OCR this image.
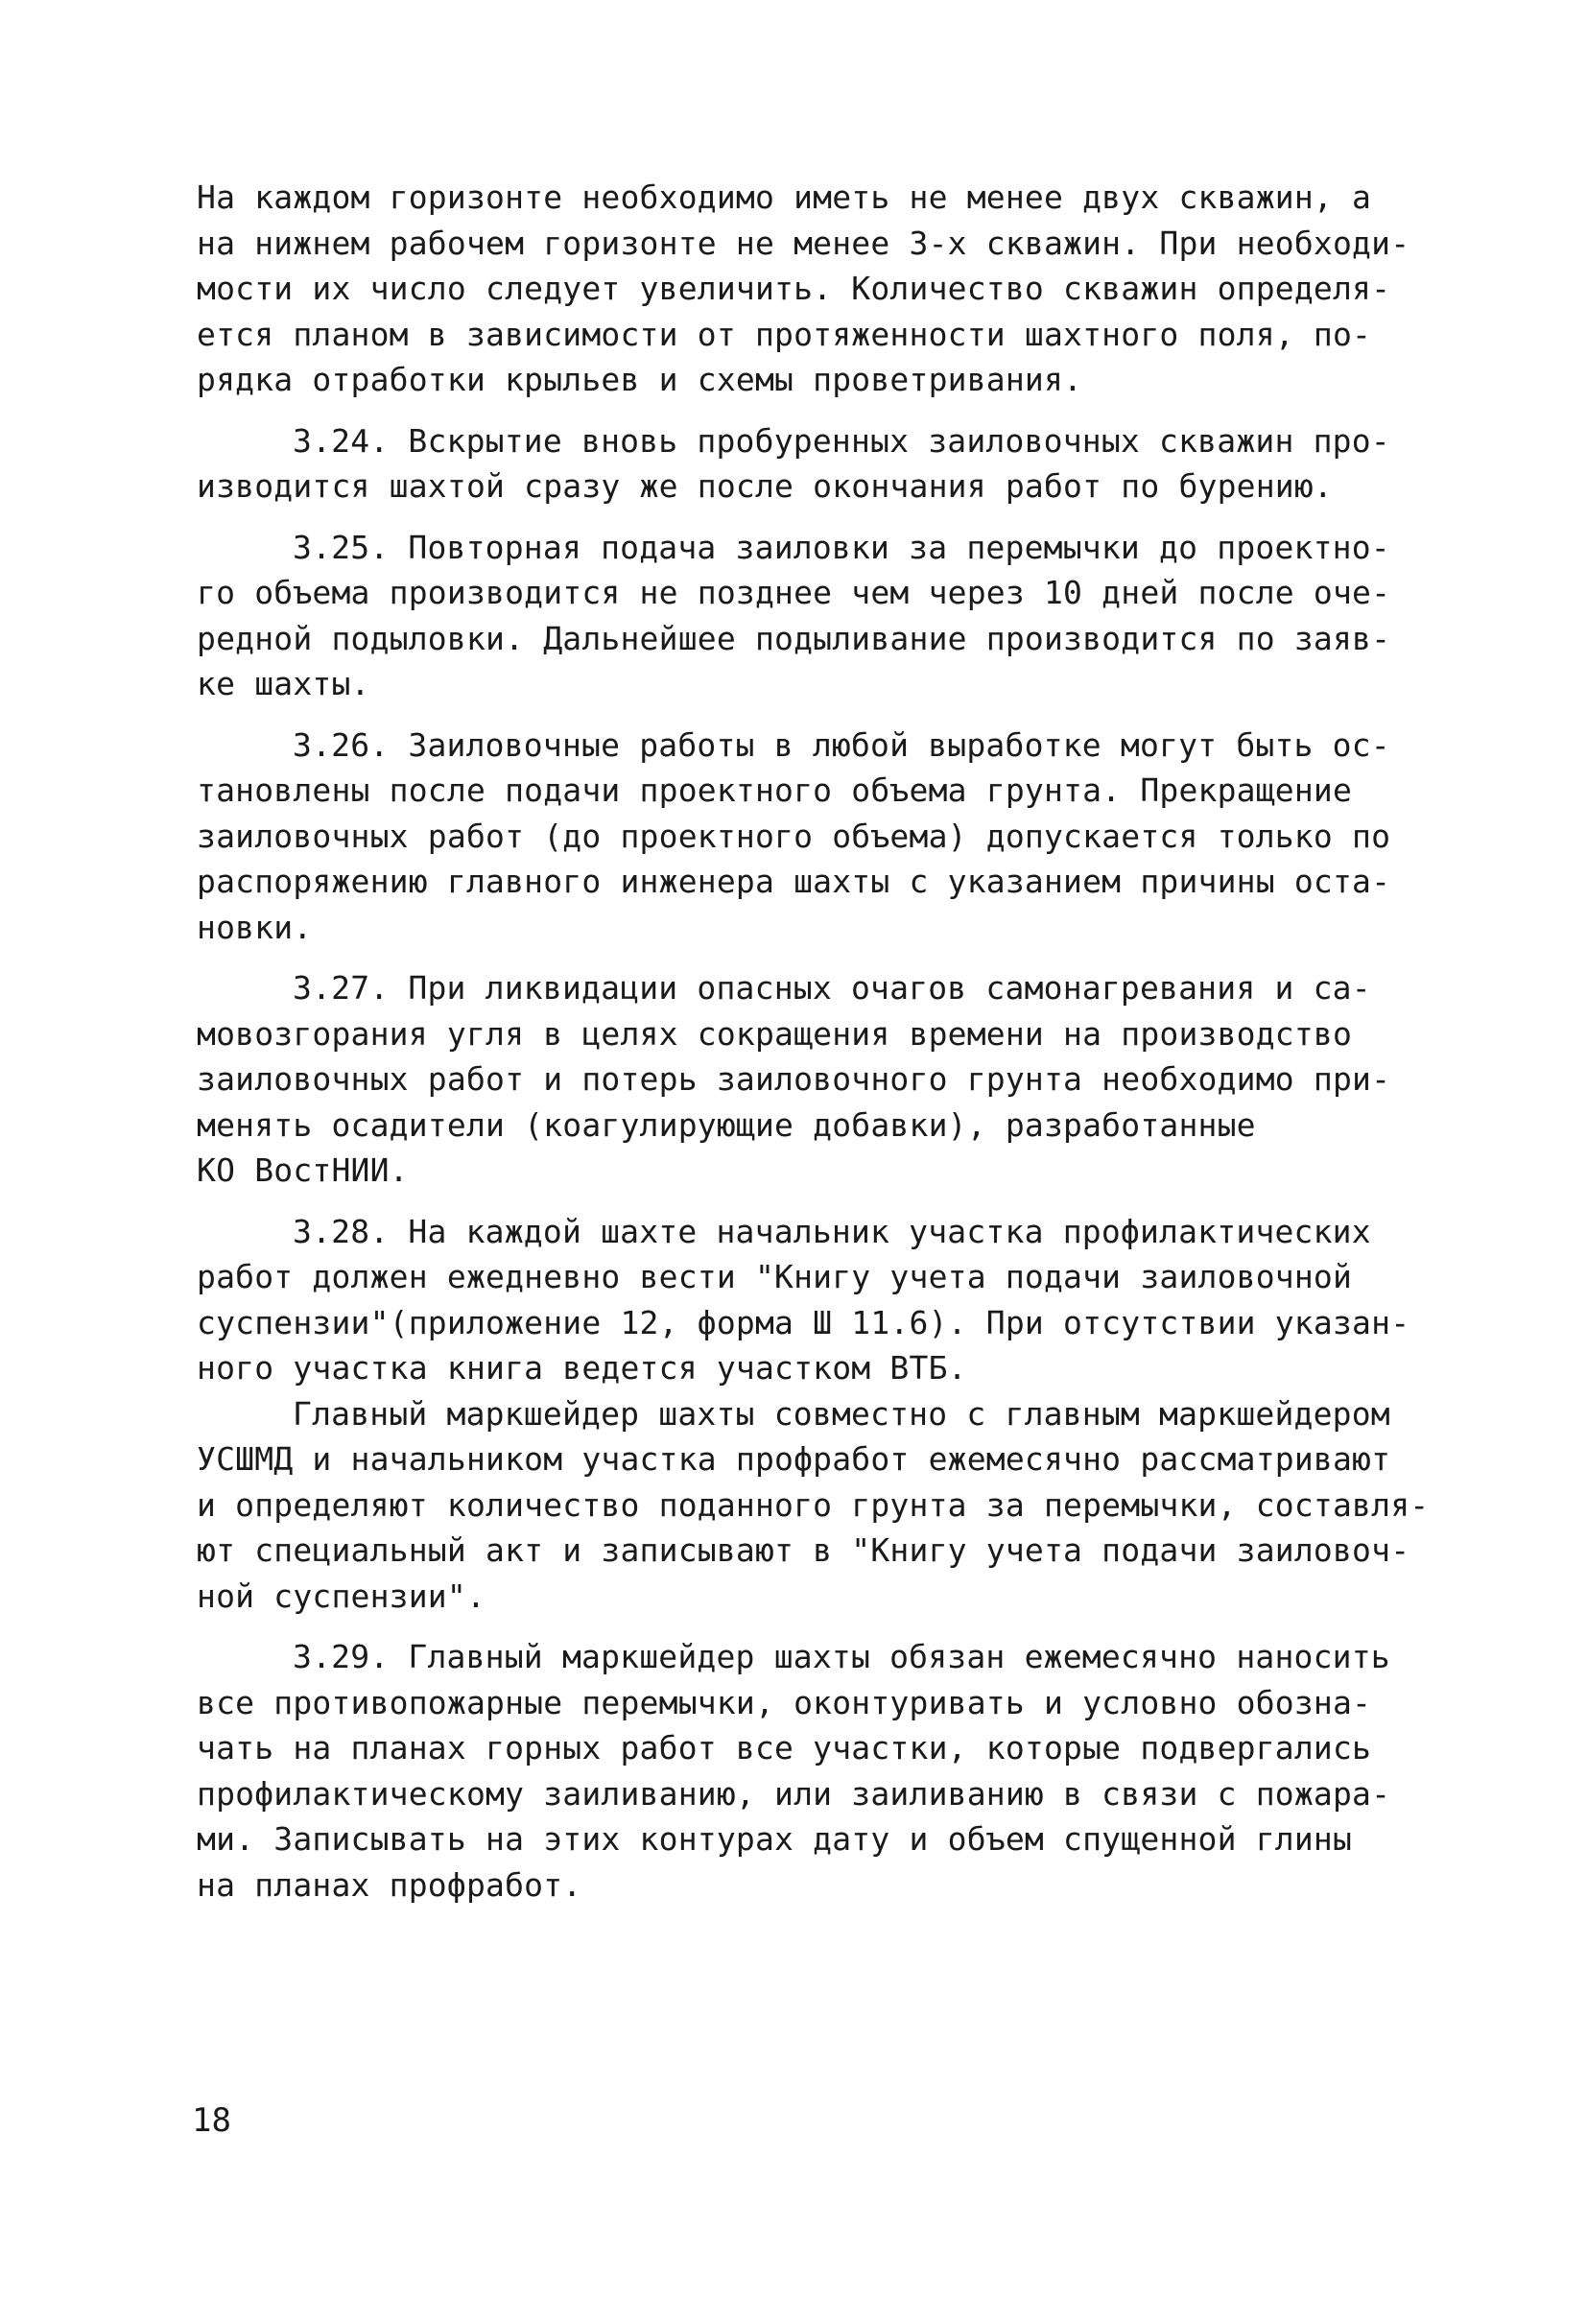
На каждом горизонте необходимо иметь не менее двух скважин, а

на нижнем рабочем горизонте не менее 3-х скважин. При необходи-

мости их число следует увеличить. Количество скважин определя-

ется планом в зависимости от протяженности шахтного поля, по-

рядка отработки крыльев и схемы проветривания.

3.24. Вскрытие вновь пробуренных заиловочных скважин про-

изводится шахтой сразу же после окончания работ по бурению.

3.25. Повторная подача заиловки за перемычки до проектно-

го объема производится не позднее чем через 10 дней после оче-

редной подыловки. Дальнейшее подыливание производится по заяв-

ке шахты.

3.26. Заиловочные работы в любой выработке могут быть ос-

тановлены после подачи проектного объема грунта. Прекращение

заиловочных работ (до проектного объема) допускается только по

распоряжению главного инженера шахты с указанием причины оста-

новки.

3.27. При ликвидации опасных очагов самонагревания и са-

мовозгорания угля в целях сокращения времени на производство

заиловочных работ и потерь заиловочного грунта необходимо при-

менять осадители (коагулирующие добавки), разработанные

КО ВостНИИ.

3.28. На каждой шахте начальник участка профилактических

работ должен ежедневно вести "Книгу учета подачи заиловочной

суспензии"(приложение 12, форма Ш 11.6). При отсутствии указан-

ного участка книга ведется участком ВТБ.

Главный маркшейдер шахты совместно с главным маркшейдером

УСШМД и начальником участка профработ ежемесячно рассматривают

и определяют количество поданного грунта за перемычки, составля-

ют специальный акт и записывают в "Книгу учета подачи заиловоч-

ной суспензии".

3.29. Главный маркшейдер шахты обязан ежемесячно наносить

все противопожарные перемычки, оконтуривать и условно обозна-

чать на планах горных работ все участки, которые подвергались

профилактическому заиливанию, или заиливанию в связи с пожара-

ми. Записывать на этих контурах дату и объем спущенной глины

на планах профработ.

18
